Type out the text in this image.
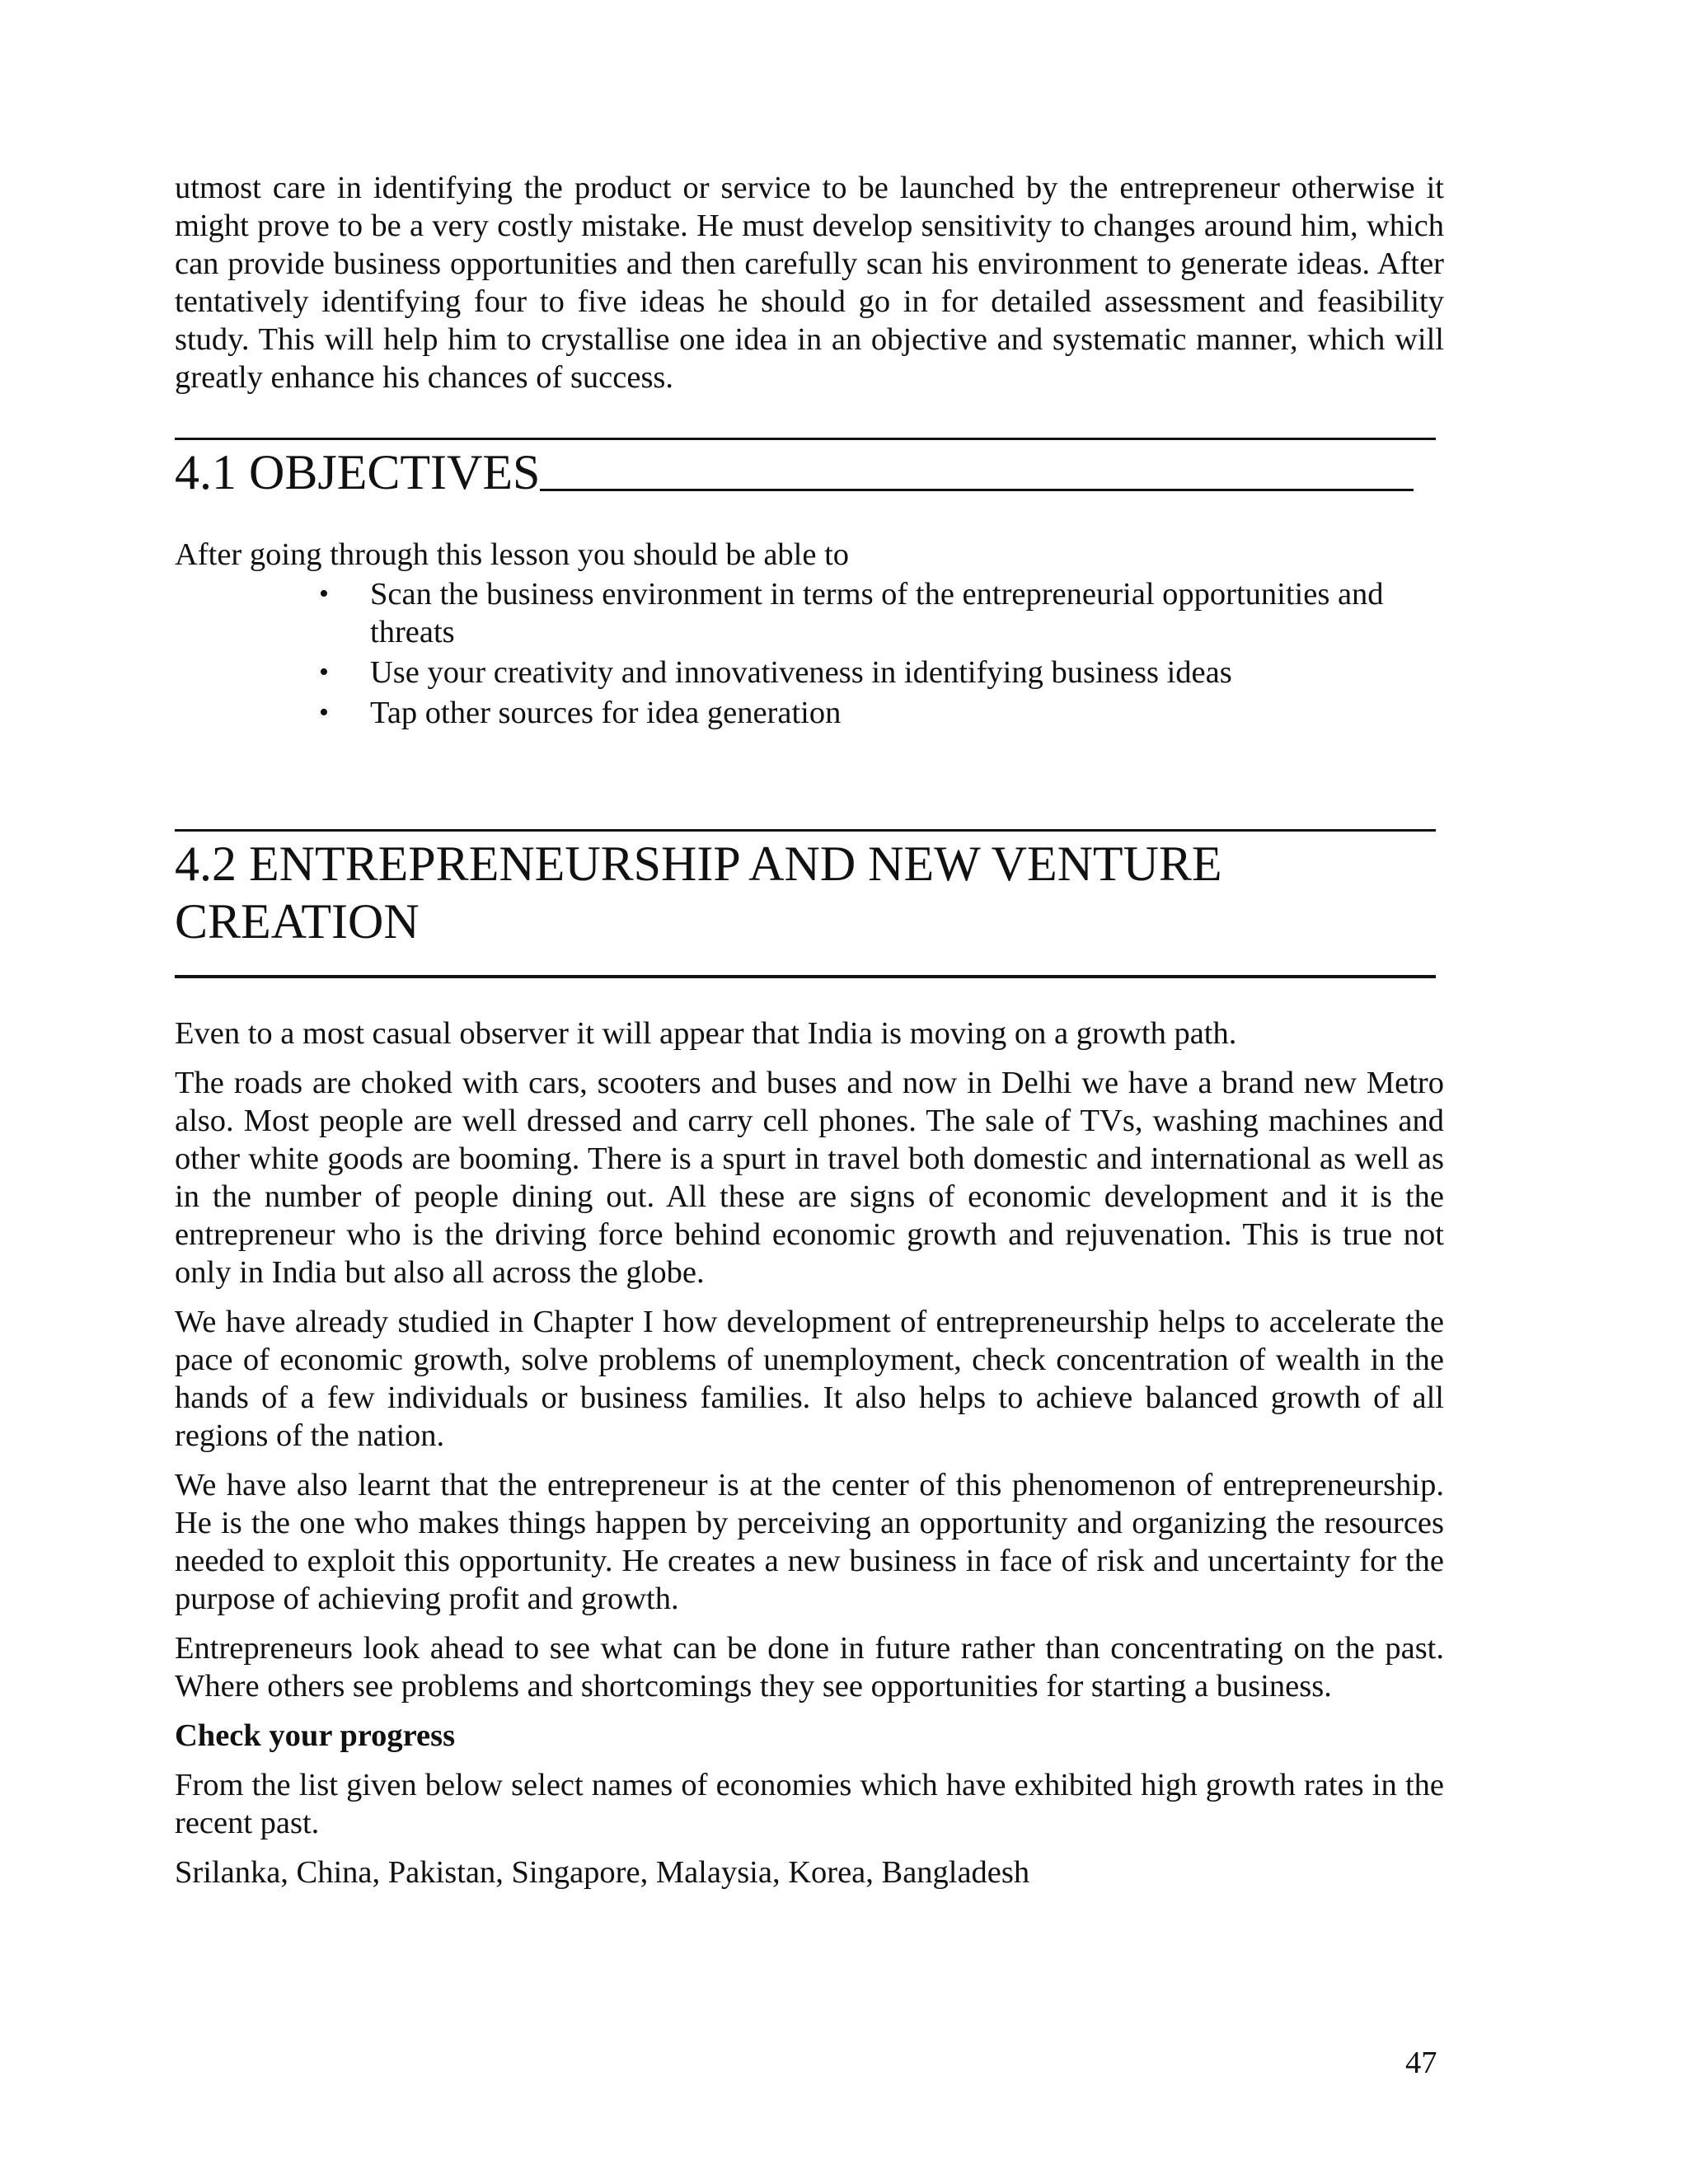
utmost care in identifying the product or service to be launched by the entrepreneur otherwise it might prove to be a very costly mistake. He must develop sensitivity to changes around him, which can provide business opportunities and then carefully scan his environment to generate ideas. After tentatively identifying four to five ideas he should go in for detailed assessment and feasibility study. This will help him to crystallise one idea in an objective and systematic manner, which will greatly enhance his chances of success.

4.1 OBJECTIVES

After going through this lesson you should be able to

• Scan the business environment in terms of the entrepreneurial opportunities and threats
• Use your creativity and innovativeness in identifying business ideas
• Tap other sources for idea generation
4.2 ENTREPRENEURSHIP AND NEW VENTURE
CREATION

Even to a most casual observer it will appear that India is moving on a growth path.

The roads are choked with cars, scooters and buses and now in Delhi we have a brand new Metro also. Most people are well dressed and carry cell phones. The sale of TVs, washing machines and other white goods are booming. There is a spurt in travel both domestic and international as well as in the number of people dining out. All these are signs of economic development and it is the entrepreneur who is the driving force behind economic growth and rejuvenation. This is true not only in India but also all across the globe.

We have already studied in Chapter I how development of entrepreneurship helps to accelerate the pace of economic growth, solve problems of unemployment, check concentration of wealth in the hands of a few individuals or business families. It also helps to achieve balanced growth of all regions of the nation.

We have also learnt that the entrepreneur is at the center of this phenomenon of entrepreneurship. He is the one who makes things happen by perceiving an opportunity and organizing the resources needed to exploit this opportunity. He creates a new business in face of risk and uncertainty for the purpose of achieving profit and growth.

Entrepreneurs look ahead to see what can be done in future rather than concentrating on the past. Where others see problems and shortcomings they see opportunities for starting a business.

Check your progress

From the list given below select names of economies which have exhibited high growth rates in the recent past.

Srilanka, China, Pakistan, Singapore, Malaysia, Korea, Bangladesh

47
